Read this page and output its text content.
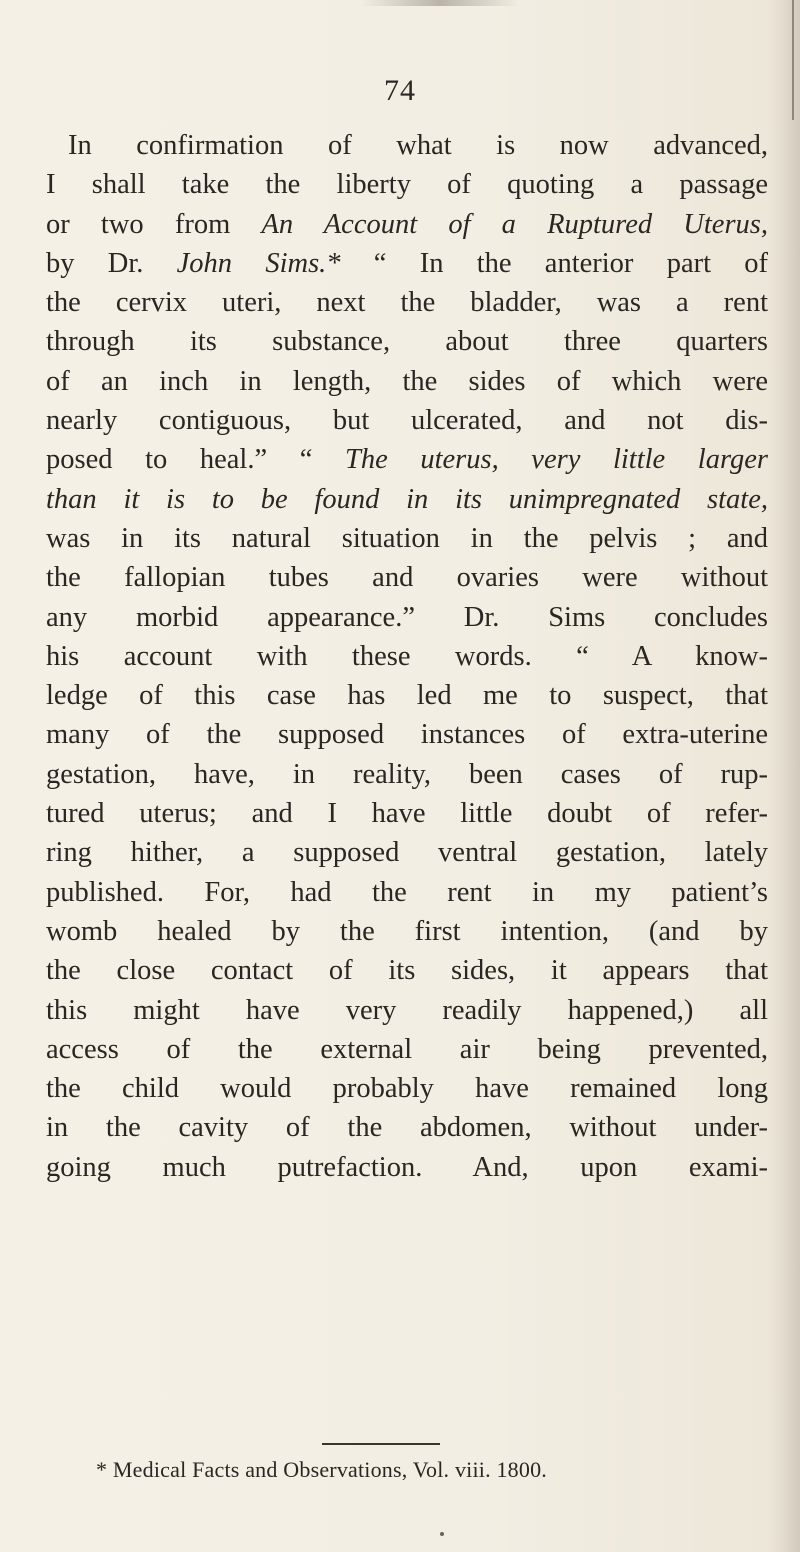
74
In confirmation of what is now advanced,
I shall take the liberty of quoting a passage
or two from An Account of a Ruptured Uterus,
by Dr. John Sims.* “ In the anterior part of
the cervix uteri, next the bladder, was a rent
through its substance, about three quarters
of an inch in length, the sides of which were
nearly contiguous, but ulcerated, and not dis-
posed to heal.” “ The uterus, very little larger
than it is to be found in its unimpregnated state,
was in its natural situation in the pelvis ; and
the fallopian tubes and ovaries were without
any morbid appearance.” Dr. Sims concludes
his account with these words. “ A know-
ledge of this case has led me to suspect, that
many of the supposed instances of extra-uterine
gestation, have, in reality, been cases of rup-
tured uterus; and I have little doubt of refer-
ring hither, a supposed ventral gestation, lately
published. For, had the rent in my patient’s
womb healed by the first intention, (and by
the close contact of its sides, it appears that
this might have very readily happened,) all
access of the external air being prevented,
the child would probably have remained long
in the cavity of the abdomen, without under-
going much putrefaction. And, upon exami-
* Medical Facts and Observations, Vol. viii. 1800.
